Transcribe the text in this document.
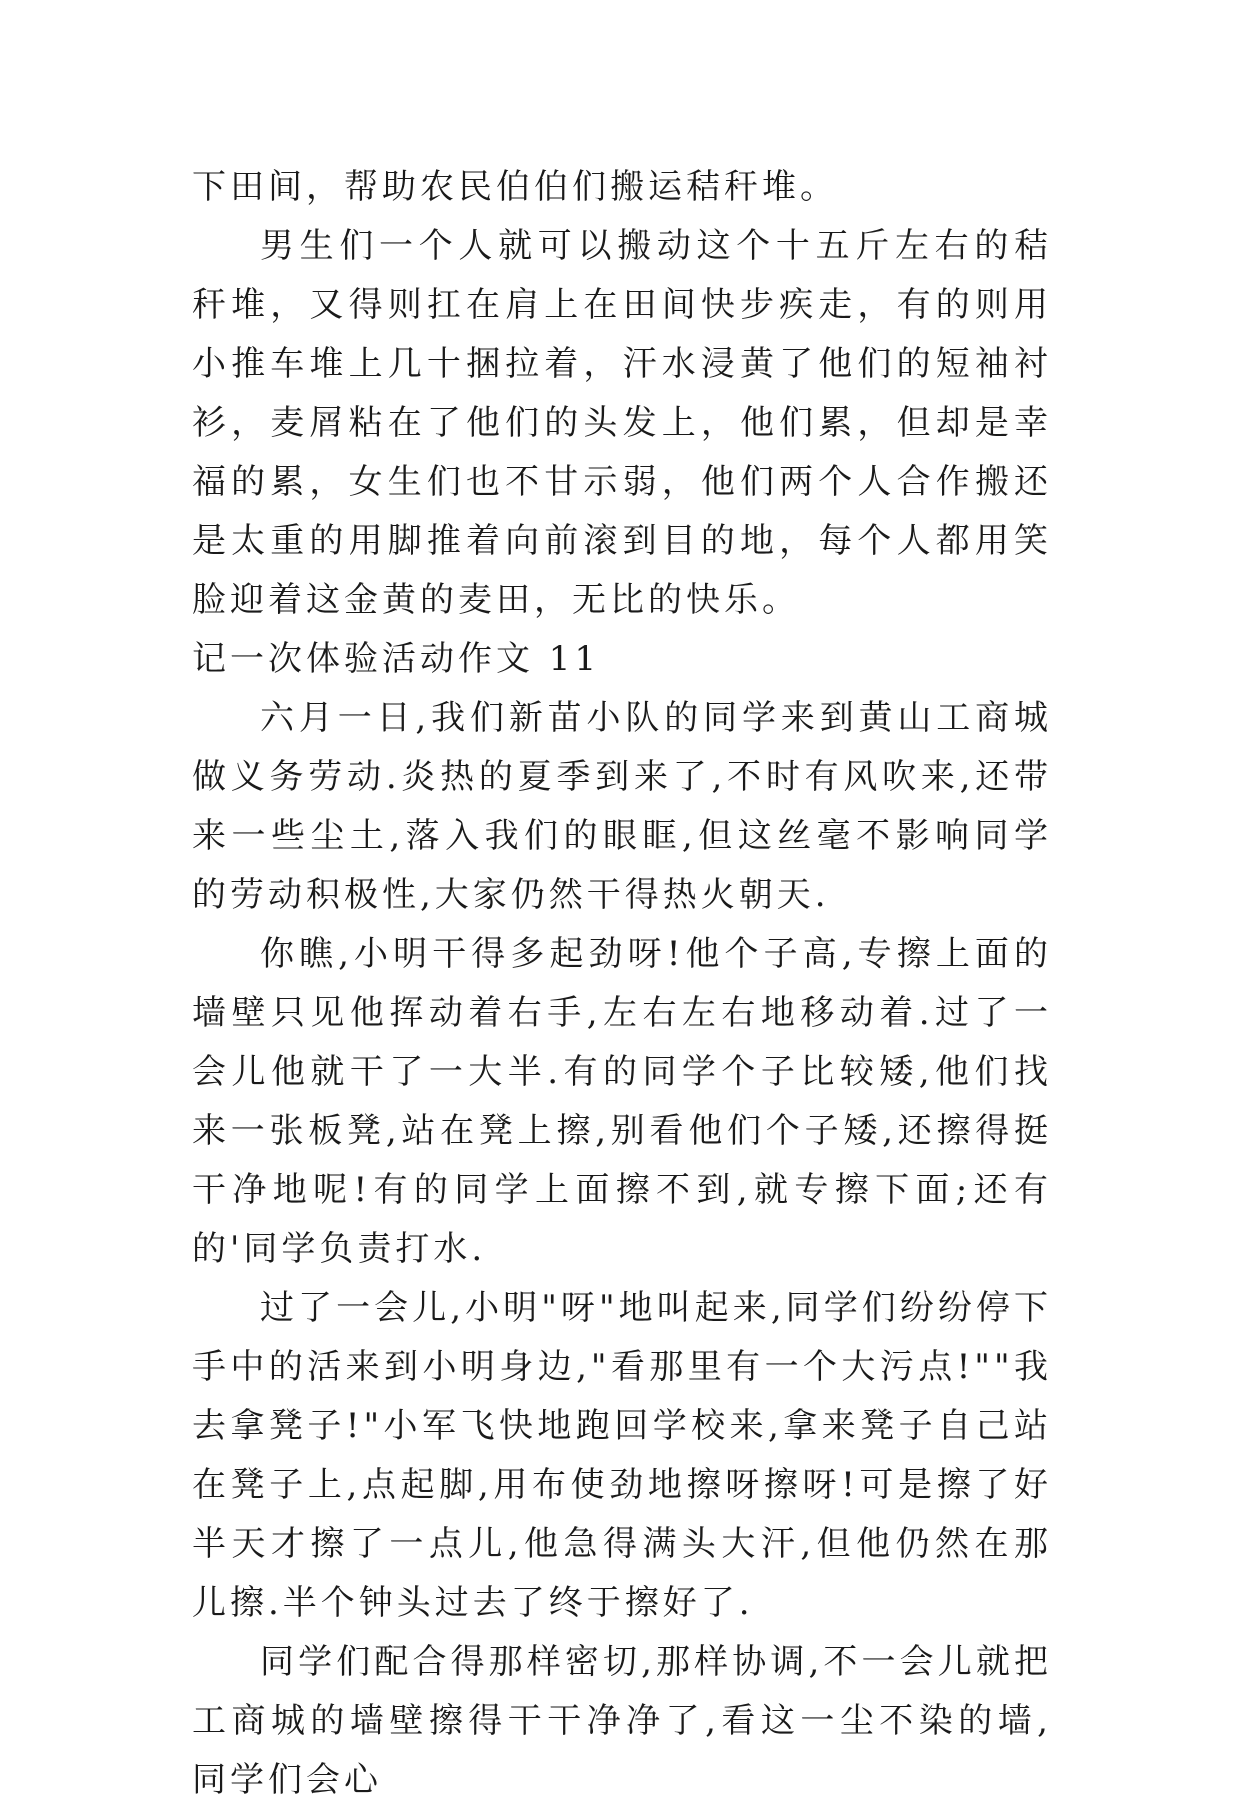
下田间，帮助农民伯伯们搬运秸秆堆。

男生们一个人就可以搬动这个十五斤左右的秸秆堆，又得则扛在肩上在田间快步疾走，有的则用小推车堆上几十捆拉着，汗水浸黄了他们的短袖衬衫，麦屑粘在了他们的头发上，他们累，但却是幸福的累，女生们也不甘示弱，他们两个人合作搬还是太重的用脚推着向前滚到目的地，每个人都用笑脸迎着这金黄的麦田，无比的快乐。

记一次体验活动作文 11

六月一日,我们新苗小队的同学来到黄山工商城做义务劳动.炎热的夏季到来了,不时有风吹来,还带来一些尘土,落入我们的眼眶,但这丝毫不影响同学的劳动积极性,大家仍然干得热火朝天.

你瞧,小明干得多起劲呀!他个子高,专擦上面的墙壁只见他挥动着右手,左右左右地移动着.过了一会儿他就干了一大半.有的同学个子比较矮,他们找来一张板凳,站在凳上擦,别看他们个子矮,还擦得挺干净地呢!有的同学上面擦不到,就专擦下面;还有的'同学负责打水.

过了一会儿,小明"呀"地叫起来,同学们纷纷停下手中的活来到小明身边,"看那里有一个大污点!""我去拿凳子!"小军飞快地跑回学校来,拿来凳子自己站在凳子上,点起脚,用布使劲地擦呀擦呀!可是擦了好半天才擦了一点儿,他急得满头大汗,但他仍然在那儿擦.半个钟头过去了终于擦好了.

同学们配合得那样密切,那样协调,不一会儿就把工商城的墙壁擦得干干净净了,看这一尘不染的墙,同学们会心
